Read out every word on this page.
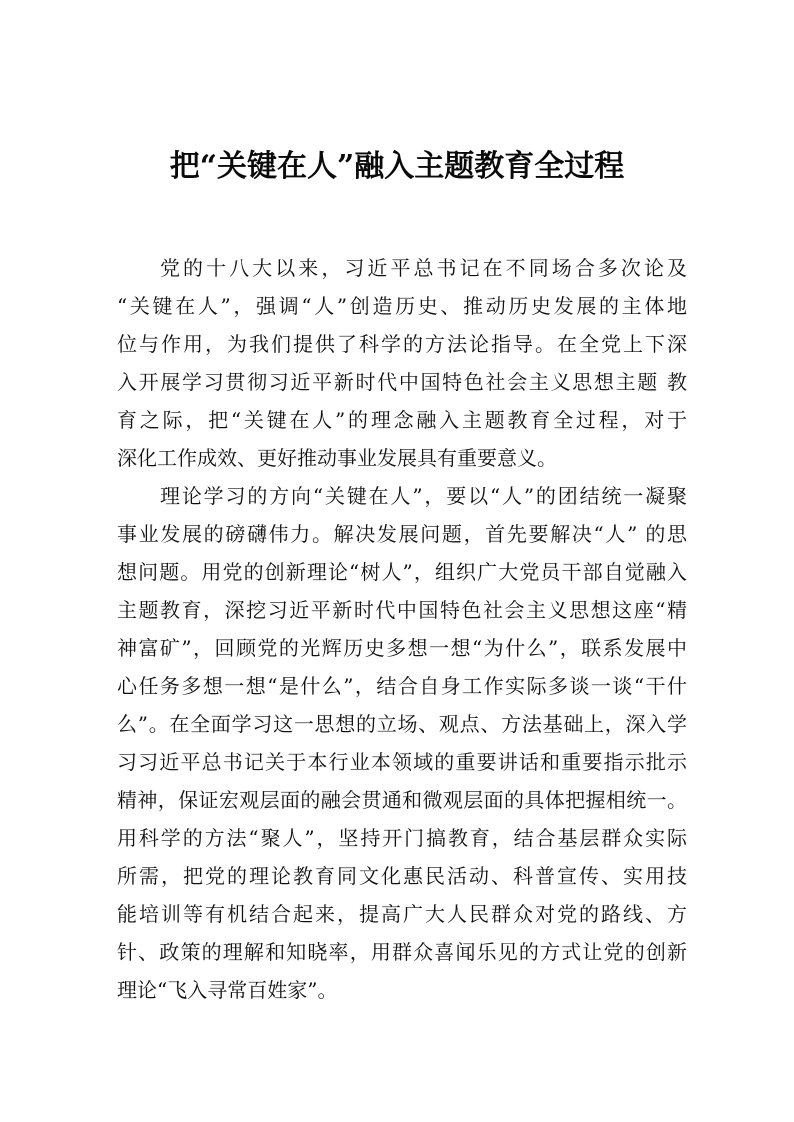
把“关键在人”融入主题教育全过程
党的十八大以来，习近平总书记在不同场合多次论及
“关键在人”，强调“人”创造历史、推动历史发展的主体地
位与作用，为我们提供了科学的方法论指导。在全党上下深
入开展学习贯彻习近平新时代中国特色社会主义思想主题 教
育之际，把“关键在人”的理念融入主题教育全过程，对于
深化工作成效、更好推动事业发展具有重要意义。
理论学习的方向“关键在人”，要以“人”的团结统一凝聚
事业发展的磅礴伟力。解决发展问题，首先要解决“人” 的思
想问题。用党的创新理论“树人”，组织广大党员干部自觉融入
主题教育，深挖习近平新时代中国特色社会主义思想这座“精
神富矿”，回顾党的光辉历史多想一想“为什么”，联系发展中
心任务多想一想“是什么”，结合自身工作实际多谈一谈“干什
么”。在全面学习这一思想的立场、观点、方法基础上，深入学
习习近平总书记关于本行业本领域的重要讲话和重要指示批示
精神，保证宏观层面的融会贯通和微观层面的具体把握相统一。
用科学的方法“聚人”，坚持开门搞教育，结合基层群众实际
所需，把党的理论教育同文化惠民活动、科普宣传、实用技
能培训等有机结合起来，提高广大人民群众对党的路线、方
针、政策的理解和知晓率，用群众喜闻乐见的方式让党的创新
理论“飞入寻常百姓家”。
